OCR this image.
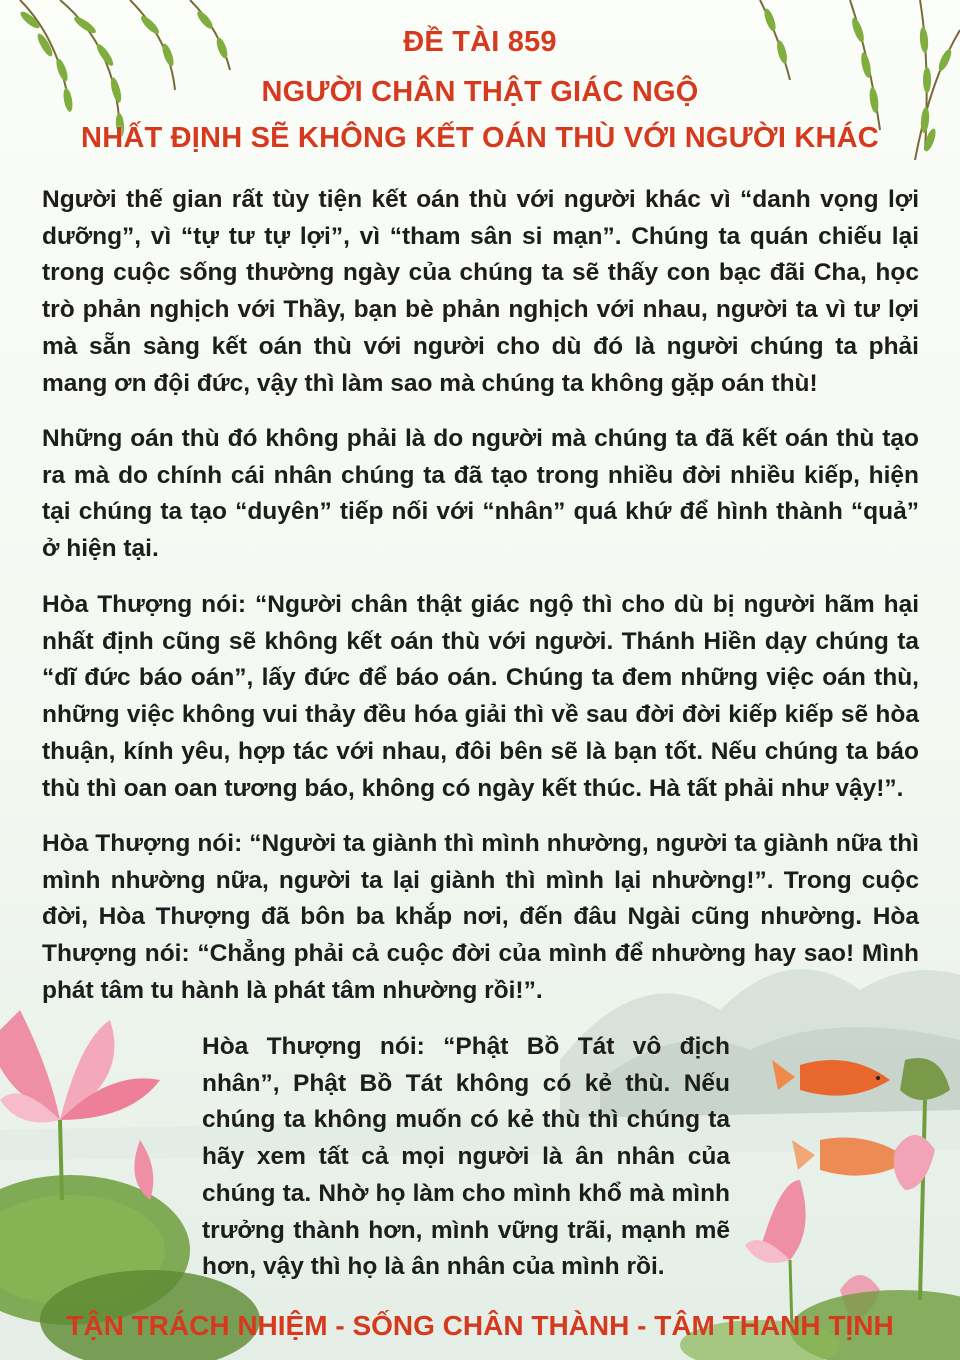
ĐỀ TÀI 859
NGƯỜI CHÂN THẬT GIÁC NGỘ
NHẤT ĐỊNH SẼ KHÔNG KẾT OÁN THÙ VỚI NGƯỜI KHÁC

Người thế gian rất tùy tiện kết oán thù với người khác vì “danh vọng lợi dưỡng”, vì “tự tư tự lợi”, vì “tham sân si mạn”. Chúng ta quán chiếu lại trong cuộc sống thường ngày của chúng ta sẽ thấy con bạc đãi Cha, học trò phản nghịch với Thầy, bạn bè phản nghịch với nhau, người ta vì tư lợi mà sẵn sàng kết oán thù với người cho dù đó là người chúng ta phải mang ơn đội đức, vậy thì làm sao mà chúng ta không gặp oán thù!

Những oán thù đó không phải là do người mà chúng ta đã kết oán thù tạo ra mà do chính cái nhân chúng ta đã tạo trong nhiều đời nhiều kiếp, hiện tại chúng ta tạo “duyên” tiếp nối với “nhân” quá khứ để hình thành “quả” ở hiện tại.

Hòa Thượng nói: “Người chân thật giác ngộ thì cho dù bị người hãm hại nhất định cũng sẽ không kết oán thù với người. Thánh Hiền dạy chúng ta “dĩ đức báo oán”, lấy đức để báo oán. Chúng ta đem những việc oán thù, những việc không vui thảy đều hóa giải thì về sau đời đời kiếp kiếp sẽ hòa thuận, kính yêu, hợp tác với nhau, đôi bên sẽ là bạn tốt. Nếu chúng ta báo thù thì oan oan tương báo, không có ngày kết thúc. Hà tất phải như vậy!”.

Hòa Thượng nói: “Người ta giành thì mình nhường, người ta giành nữa thì mình nhường nữa, người ta lại giành thì mình lại nhường!”. Trong cuộc đời, Hòa Thượng đã bôn ba khắp nơi, đến đâu Ngài cũng nhường. Hòa Thượng nói: “Chẳng phải cả cuộc đời của mình để nhường hay sao! Mình phát tâm tu hành là phát tâm nhường rồi!”.

Hòa Thượng nói: “Phật Bồ Tát vô địch nhân”, Phật Bồ Tát không có kẻ thù. Nếu chúng ta không muốn có kẻ thù thì chúng ta hãy xem tất cả mọi người là ân nhân của chúng ta. Nhờ họ làm cho mình khổ mà mình trưởng thành hơn, mình vững trãi, mạnh mẽ hơn, vậy thì họ là ân nhân của mình rồi.

TẬN TRÁCH NHIỆM - SỐNG CHÂN THÀNH - TÂM THANH TỊNH
